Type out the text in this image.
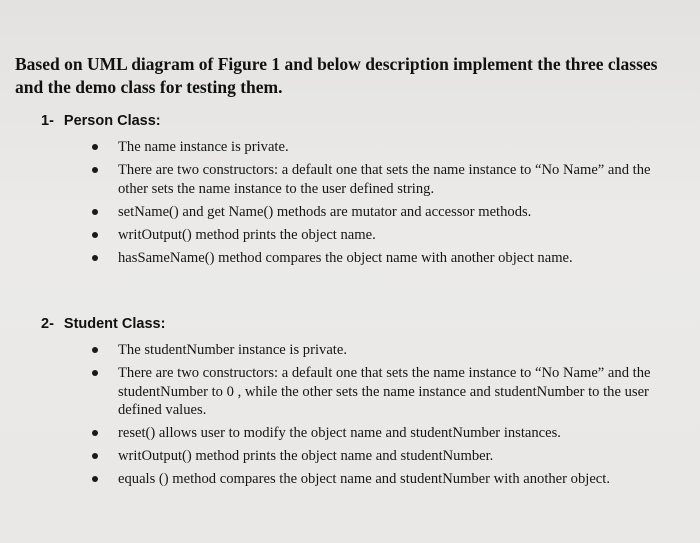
Based on UML diagram of Figure 1 and below description implement the three classes and the demo class for testing them.
1- Person Class:
The name instance is private.
There are two constructors: a default one that sets the name instance to “No Name” and the other sets the name instance to the user defined string.
setName() and get Name() methods are mutator and accessor methods.
writOutput() method prints the object name.
hasSameName() method compares the object name with another object name.
2- Student Class:
The studentNumber instance is private.
There are two constructors: a default one that sets the name instance to “No Name” and the studentNumber to 0 , while the other sets the name instance and studentNumber to the user defined values.
reset() allows user to modify the object name and studentNumber instances.
writOutput() method prints the object name and studentNumber.
equals () method compares the object name and studentNumber with another object.
